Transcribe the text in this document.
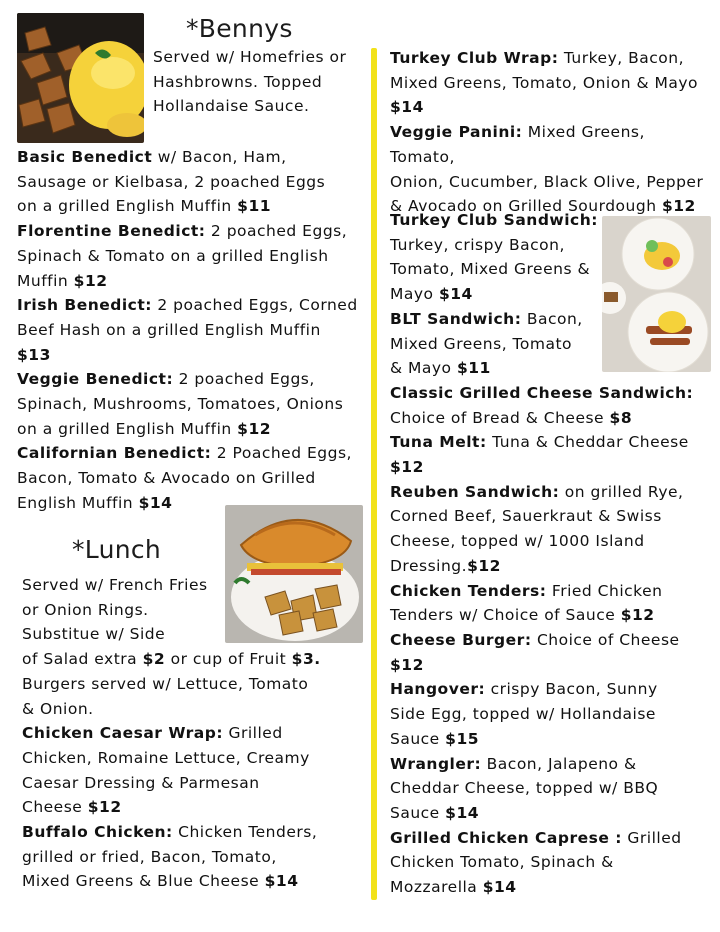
*Bennys

Served w/ Homefries or

Hashbrowns. Topped

Hollandaise Sauce.

Basic Benedict w/ Bacon, Ham,

Sausage or Kielbasa, 2 poached Eggs

on a grilled English Muffin $11

Florentine Benedict: 2 poached Eggs,

Spinach & Tomato on a grilled English

Muffin $12

Irish Benedict: 2 poached Eggs, Corned

Beef Hash on a grilled English Muffin

$13

Veggie Benedict: 2 poached Eggs,

Spinach, Mushrooms, Tomatoes, Onions

on a grilled English Muffin $12

Californian Benedict: 2 Poached Eggs,

Bacon, Tomato & Avocado on Grilled

English Muffin $14

*Lunch

Served w/ French Fries

or Onion Rings.

Substitue w/ Side

of Salad extra $2 or cup of Fruit $3.

Burgers served w/ Lettuce, Tomato

& Onion.

Chicken Caesar Wrap: Grilled

Chicken, Romaine Lettuce, Creamy

Caesar Dressing & Parmesan

Cheese $12

Buffalo Chicken: Chicken Tenders,

grilled or fried, Bacon, Tomato,

Mixed Greens & Blue Cheese $14

Turkey Club Wrap: Turkey, Bacon,

Mixed Greens, Tomato, Onion & Mayo

$14

Veggie Panini: Mixed Greens, Tomato,

Onion, Cucumber, Black Olive, Pepper

& Avocado on Grilled Sourdough $12

Turkey Club Sandwich:

Turkey, crispy Bacon,

Tomato, Mixed Greens &

Mayo $14

BLT Sandwich: Bacon,

Mixed Greens, Tomato

& Mayo $11

Classic Grilled Cheese Sandwich:

Choice of Bread & Cheese $8

Tuna Melt: Tuna & Cheddar Cheese

$12

Reuben Sandwich: on grilled Rye,

Corned Beef, Sauerkraut & Swiss

Cheese, topped w/ 1000 Island

Dressing.$12

Chicken Tenders: Fried Chicken

Tenders w/ Choice of Sauce $12

Cheese Burger: Choice of Cheese

$12

Hangover: crispy Bacon, Sunny

Side Egg, topped w/ Hollandaise

Sauce $15

Wrangler: Bacon, Jalapeno &

Cheddar Cheese, topped w/ BBQ

Sauce $14

Grilled Chicken Caprese : Grilled

Chicken Tomato, Spinach &

Mozzarella $14
